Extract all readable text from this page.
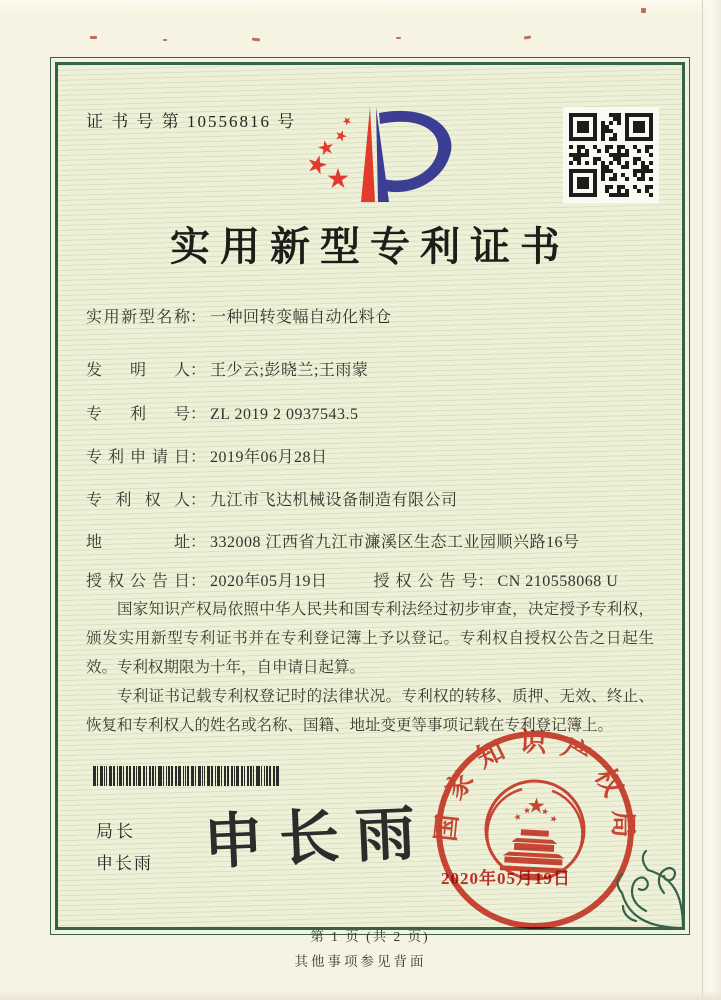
证 书 号 第 10556816 号
实用新型专利证书
实用新型名称： 一种回转变幅自动化料仓
发明人： 王少云;彭晓兰;王雨蒙
专利号： ZL 2019 2 0937543.5
专利申请日： 2019年06月28日
专利权人： 九江市飞达机械设备制造有限公司
地址： 332008 江西省九江市濂溪区生态工业园顺兴路16号
授权公告日： 2020年05月19日	授权公告号： CN 210558068 U

国家知识产权局依照中华人民共和国专利法经过初步审查，决定授予专利权，颁发实用新型专利证书并在专利登记簿上予以登记。专利权自授权公告之日起生效。专利权期限为十年，自申请日起算。

专利证书记载专利权登记时的法律状况。专利权的转移、质押、无效、终止、恢复和专利权人的姓名或名称、国籍、地址变更等事项记载在专利登记簿上。

局长
申长雨 申长雨
国家知识产权局
2020年05月19日
第 1 页 (共 2 页)
其他事项参见背面
